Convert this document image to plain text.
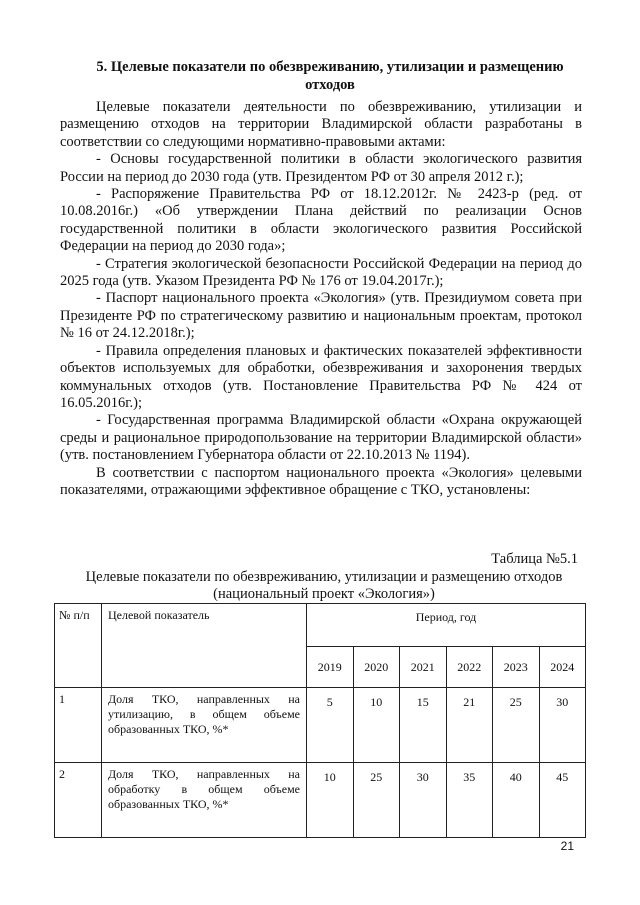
5. Целевые показатели по обезвреживанию, утилизации и размещению
отходов

Целевые показатели деятельности по обезвреживанию, утилизации и размещению отходов на территории Владимирской области разработаны в соответствии со следующими нормативно-правовыми актами:

- Основы государственной политики в области экологического развития России на период до 2030 года (утв. Президентом РФ от 30 апреля 2012 г.);

- Распоряжение Правительства РФ от 18.12.2012г. № 2423-р (ред. от 10.08.2016г.) «Об утверждении Плана действий по реализации Основ государственной политики в области экологического развития Российской Федерации на период до 2030 года»;

- Стратегия экологической безопасности Российской Федерации на период до 2025 года (утв. Указом Президента РФ № 176 от 19.04.2017г.);

- Паспорт национального проекта «Экология» (утв. Президиумом совета при Президенте РФ по стратегическому развитию и национальным проектам, протокол № 16 от 24.12.2018г.);

- Правила определения плановых и фактических показателей эффективности объектов используемых для обработки, обезвреживания и захоронения твердых коммунальных отходов (утв. Постановление Правительства РФ № 424 от 16.05.2016г.);

- Государственная программа Владимирской области «Охрана окружающей среды и рациональное природопользование на территории Владимирской области» (утв. постановлением Губернатора области от 22.10.2013 № 1194).

В соответствии с паспортом национального проекта «Экология» целевыми показателями, отражающими эффективное обращение с ТКО, установлены:

Таблица №5.1
Целевые показатели по обезвреживанию, утилизации и размещению отходов
(национальный проект «Экология»)
№ п/п	Целевой показатель	Период, год					
		2019	2020	2021	2022	2023	2024
1	Доля ТКО, направленных на утилизацию, в общем объеме образованных ТКО, %*	5	10	15	21	25	30
2	Доля ТКО, направленных на обработку в общем объеме образованных ТКО, %*	10	25	30	35	40	45
21
